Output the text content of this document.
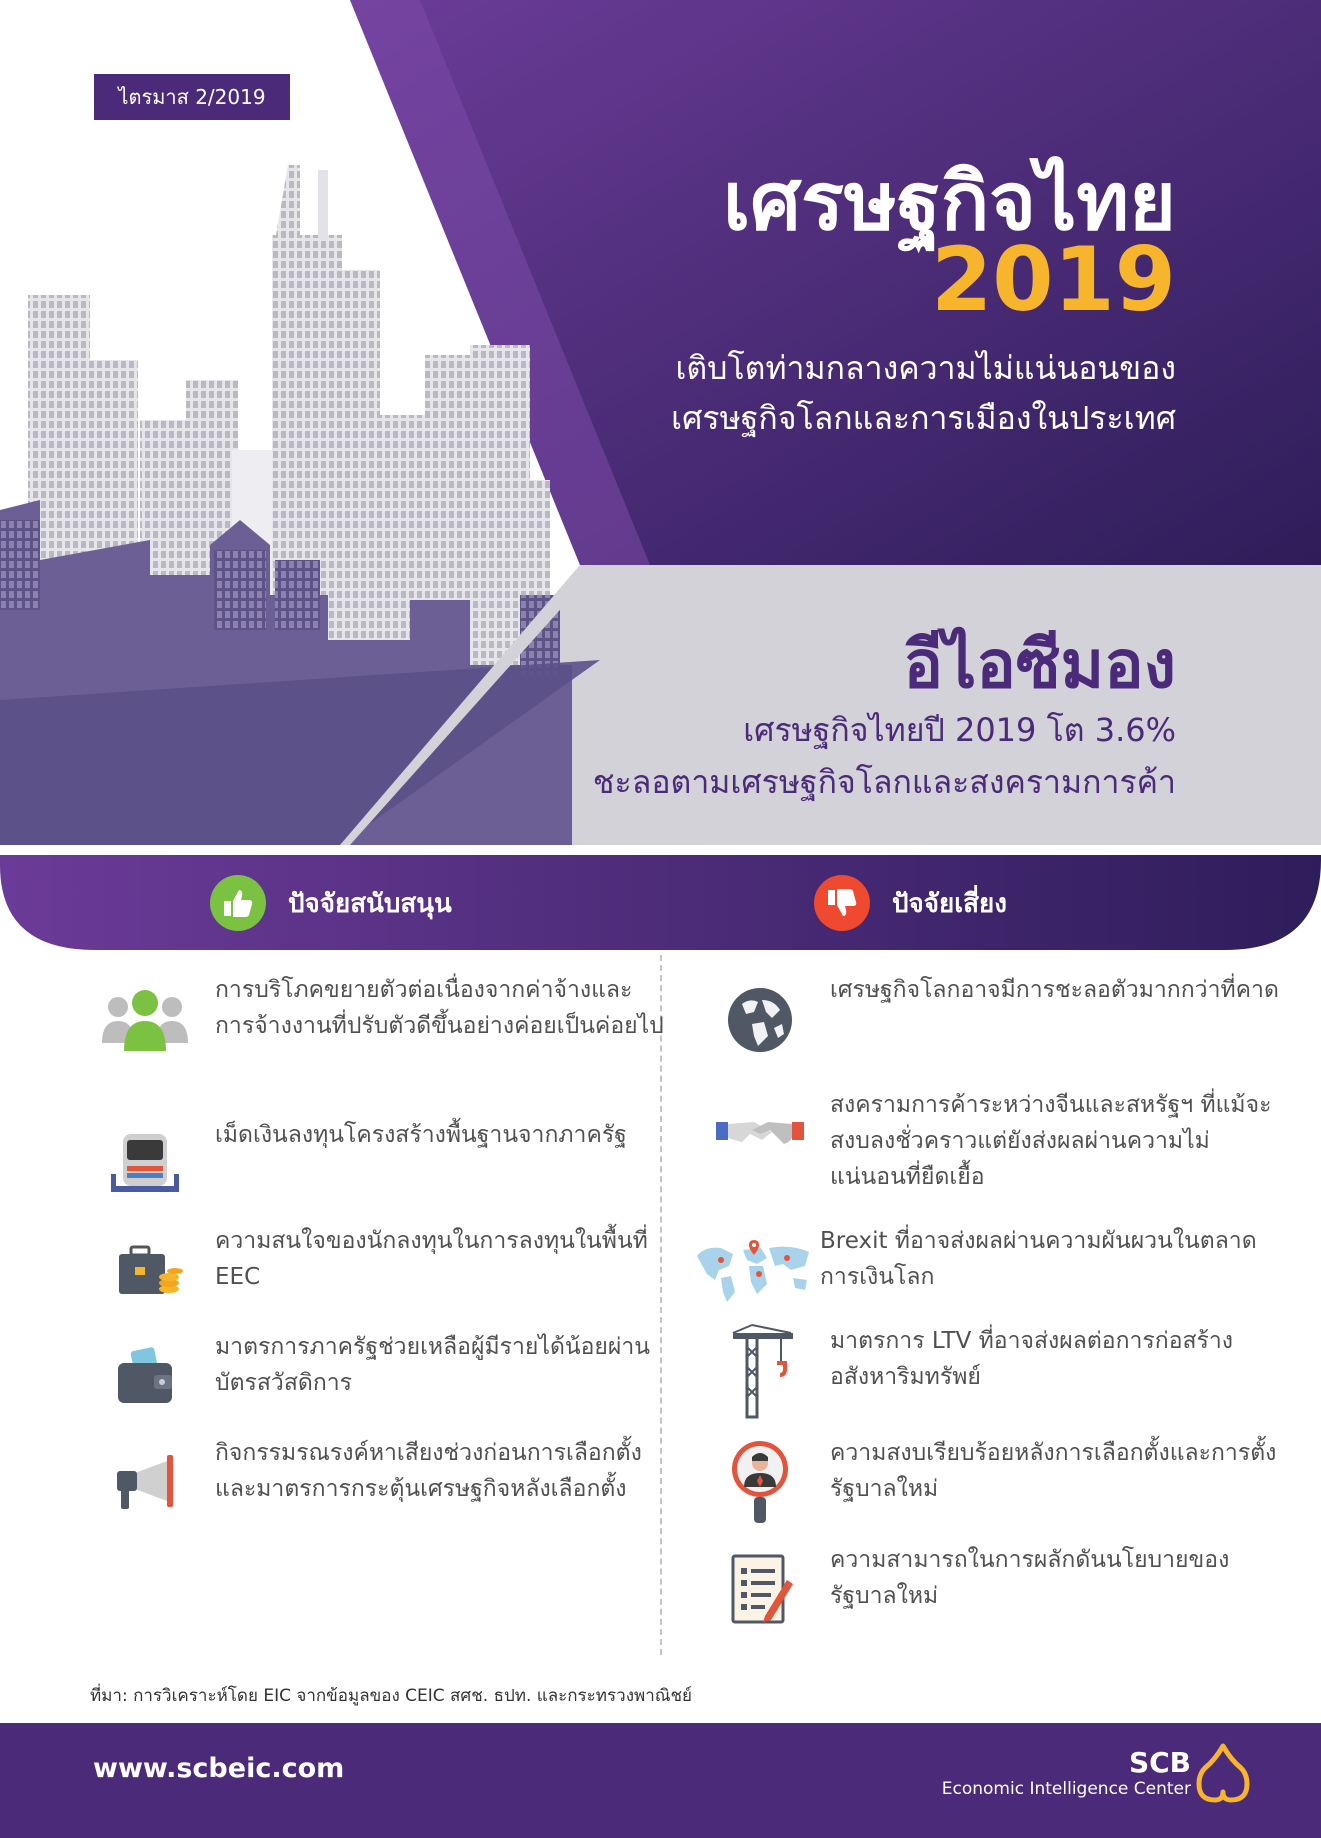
ไตรมาส 2/2019
เศรษฐกิจไทย
2019
เติบโตท่ามกลางความไม่แน่นอนของ
เศรษฐกิจโลกและการเมืองในประเทศ
อีไอซีมอง
เศรษฐกิจไทยปี 2019 โต 3.6%
ชะลอตามเศรษฐกิจโลกและสงครามการค้า
ปัจจัยสนับสนุน	ปัจจัยเสี่ยง
การบริโภคขยายตัวต่อเนื่องจากค่าจ้างและการจ้างงานที่ปรับตัวดีขึ้นอย่างค่อยเป็นค่อยไป
เม็ดเงินลงทุนโครงสร้างพื้นฐานจากภาครัฐ
ความสนใจของนักลงทุนในการลงทุนในพื้นที่ EEC
มาตรการภาครัฐช่วยเหลือผู้มีรายได้น้อยผ่านบัตรสวัสดิการ
กิจกรรมรณรงค์หาเสียงช่วงก่อนการเลือกตั้งและมาตรการกระตุ้นเศรษฐกิจหลังเลือกตั้ง
เศรษฐกิจโลกอาจมีการชะลอตัวมากกว่าที่คาด
สงครามการค้าระหว่างจีนและสหรัฐฯ ที่แม้จะสงบลงชั่วคราวแต่ยังส่งผลผ่านความไม่แน่นอนที่ยืดเยื้อ
Brexit ที่อาจส่งผลผ่านความผันผวนในตลาดการเงินโลก
มาตรการ LTV ที่อาจส่งผลต่อการก่อสร้างอสังหาริมทรัพย์
ความสงบเรียบร้อยหลังการเลือกตั้งและการตั้งรัฐบาลใหม่
ความสามารถในการผลักดันนโยบายของรัฐบาลใหม่
ที่มา: การวิเคราะห์โดย EIC จากข้อมูลของ CEIC สศช. ธปท. และกระทรวงพาณิชย์
www.scbeic.com	SCB
Economic Intelligence Center
